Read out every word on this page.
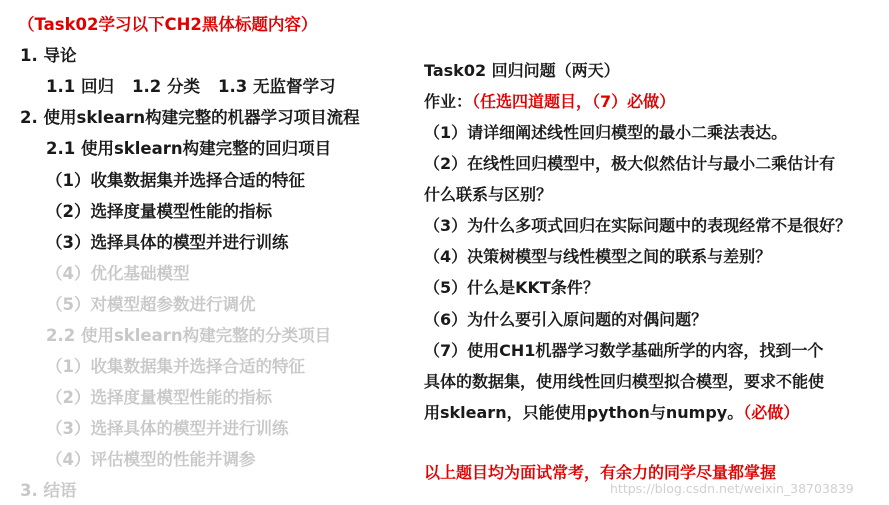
（Task02学习以下CH2黑体标题内容）
1. 导论
1.1 回归 1.2 分类 1.3 无监督学习
2. 使用sklearn构建完整的机器学习项目流程
2.1 使用sklearn构建完整的回归项目
（1）收集数据集并选择合适的特征
（2）选择度量模型性能的指标
（3）选择具体的模型并进行训练
（4）优化基础模型
（5）对模型超参数进行调优
2.2 使用sklearn构建完整的分类项目
（1）收集数据集并选择合适的特征
（2）选择度量模型性能的指标
（3）选择具体的模型并进行训练
（4）评估模型的性能并调参
3. 结语
Task02 回归问题（两天）
作业：（任选四道题目，（7）必做）
（1）请详细阐述线性回归模型的最小二乘法表达。
（2）在线性回归模型中，极大似然估计与最小二乘估计有
什么联系与区别？
（3）为什么多项式回归在实际问题中的表现经常不是很好？
（4）决策树模型与线性模型之间的联系与差别？
（5）什么是KKT条件？
（6）为什么要引入原问题的对偶问题？
（7）使用CH1机器学习数学基础所学的内容，找到一个
具体的数据集，使用线性回归模型拟合模型，要求不能使
用sklearn，只能使用python与numpy。（必做）
以上题目均为面试常考，有余力的同学尽量都掌握
https://blog.csdn.net/weixin_38703839
